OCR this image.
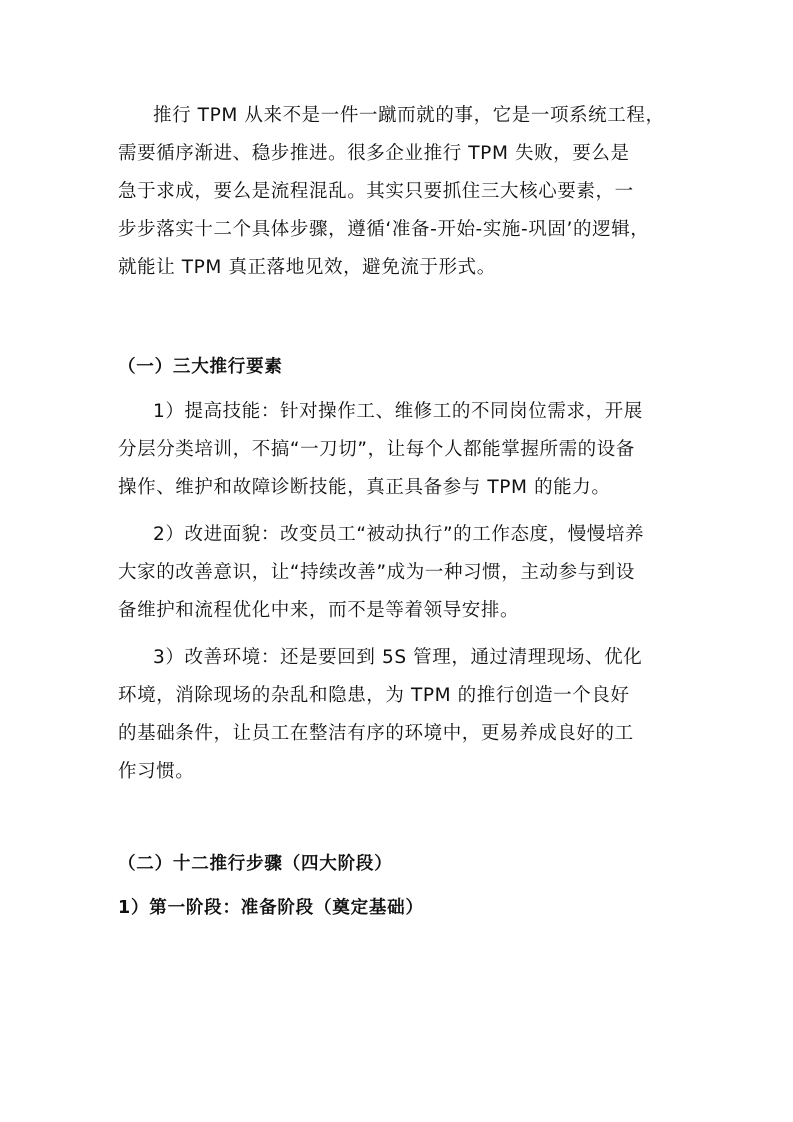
推行 TPM 从来不是一件一蹴而就的事，它是一项系统工程，
需要循序渐进、稳步推进。很多企业推行 TPM 失败，要么是
急于求成，要么是流程混乱。其实只要抓住三大核心要素，一
步步落实十二个具体步骤，遵循‘准备-开始-实施-巩固’的逻辑，
就能让 TPM 真正落地见效，避免流于形式。
（一）三大推行要素
1）提高技能：针对操作工、维修工的不同岗位需求，开展
分层分类培训，不搞“一刀切”，让每个人都能掌握所需的设备
操作、维护和故障诊断技能，真正具备参与 TPM 的能力。
2）改进面貌：改变员工“被动执行”的工作态度，慢慢培养
大家的改善意识，让“持续改善”成为一种习惯，主动参与到设
备维护和流程优化中来，而不是等着领导安排。
3）改善环境：还是要回到 5S 管理，通过清理现场、优化
环境，消除现场的杂乱和隐患，为 TPM 的推行创造一个良好
的基础条件，让员工在整洁有序的环境中，更易养成良好的工
作习惯。
（二）十二推行步骤（四大阶段）
1）第一阶段：准备阶段（奠定基础）
